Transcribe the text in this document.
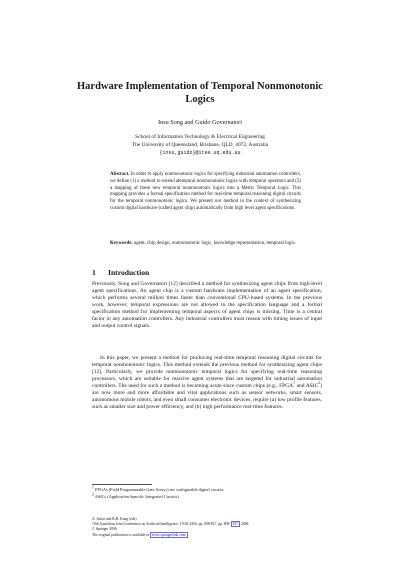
Hardware Implementation of Temporal Nonmonotonic
Logics
Insu Song and Guido Governatori
School of Information Technology & Electrical Engineering
The University of Queensland, Brisbane, QLD, 4072, Australia
{insu,guido}@itee.uq.edu.au
Abstract. In order to apply nonmonotonic logics for specifying industrial automation controllers, we define (1) a method to extend atemporal nonmonotonic logics with temporal operators and (2) a mapping of these new temporal nonmonotonic logics into a Metric Temporal Logic. This mapping provides a formal specification method for real-time temporal reasoning digital circuits for the temporal nonmonotonic logics. We present our method in the context of synthesizing custom digital hardware (called agent chip) automatically from high level agent specifications.
Keywords: agent, chip design, nonmonotonic logic, knowledge representation, temporal logic.
1 Introduction
Previously, Song and Governatori [12] described a method for synthesizing agent chips from high-level agent specifications. An agent chip is a custom hardware implementation of an agent specification, which performs several million times faster than conventional CPU-based systems. In the previous work, however, temporal expressions are not allowed in the specification language and a formal specification method for implementing temporal aspects of agent chips is missing. Time is a central factor in any automation controllers. Any industrial controllers must reason with timing issues of input and output control signals.
In this paper, we present a method for producing real-time temporal reasoning digital circuits for temporal nonmonotonic logics. This method extends the previous method for synthesizing agent chips [12]. Particularly, we provide nonmonotonic temporal logics for specifying real-time reasoning processors, which are suitable for reactive agent systems that are targeted for industrial automation controllers. The need for such a method is becoming acute since custom chips (e.g., FPGA$^1$ and ASIC$^2$) are now more and more affordable and vital applications such as sensor networks, smart sensors, autonomous mobile robots, and even small consumer electronic devices, require (a) low profile features, such as smaller size and power efficiency, and (b) high performance real-time features.
$^1$ FPGAs (Field Programmable Gate Arrays) are configurable digital circuits.
$^2$ ASICs (Application Specific Integrated Circuits).
A. Sattar and B.H. Kang (eds)
19th Australian Joint Conference on Artificial Intelligence, LNAI 4304, pp. 808-817, pp. 808- 817 2006.
© Springer 2006.
The original publication is available at www.springerlink.com
